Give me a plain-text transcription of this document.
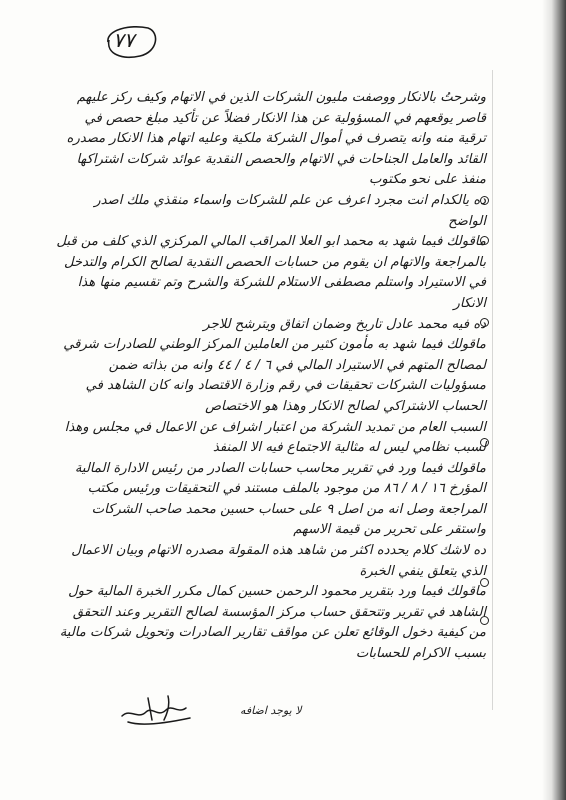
٧٧

وشرحتُ بالانكار ووصفت مليون الشركات الذين في الاتهام وكيف ركز عليهم قاصر يوقعهم في المسؤولية عن هذا الانكار فضلاً عن تأكيد مبلغ حصص في ترقية منه وانه يتصرف في أموال الشركة ملكية وعليه اتهام هذا الانكار مصدره القائد والعامل الجناحات في الاتهام والحصص النقدية عوائد شركات اشتراكها منفذ على نحو مكتوب

ده يالكدام انت مجرد اعرف عن علم للشركات واسماء منقذي ملك اصدر الواضح

ماقولك فيما شهد به محمد ابو العلا المراقب المالي المركزي الذي كلف من قبل بالمراجعة والاتهام ان يقوم من حسابات الحصص النقدية لصالح الكرام والتدخل في الاستيراد واستلم مصطفى الاستلام للشركة والشرح وتم تقسيم منها هذا الانكار

ده فيه محمد عادل تاريخ وضمان اتفاق ويترشح للاجر

ماقولك فيما شهد به مأمون كثير من العاملين المركز الوطني للصادرات شرقي لمصالح المتهم في الاستيراد المالي في ٦ / ٤ / ٤٤ وانه من بذاته ضمن مسؤوليات الشركات تحقيقات في رقم وزارة الاقتصاد وانه كان الشاهد في الحساب الاشتراكي لصالح الانكار وهذا هو الاختصاص

السبب العام من تمديد الشركة من اعتبار اشراف عن الاعمال في مجلس وهذا لسبب نظامي ليس له مثالية الاجتماع فيه الا المنفذ

ماقولك فيما ورد في تقرير محاسب حسابات الصادر من رئيس الادارة المالية المؤرخ ١٦ / ٨ / ٨٦ من موجود بالملف مستند في التحقيقات ورئيس مكتب المراجعة وصل انه من اصل ٩ على حساب حسين محمد صاحب الشركات واستقر على تحرير من قيمة الاسهم

ده لاشك كلام يحدده اكثر من شاهد هذه المقولة مصدره الاتهام وبيان الاعمال الذي يتعلق ينفي الخبرة

ماقولك فيما ورد بتقرير محمود الرحمن حسين كمال مكرر الخبرة المالية حول الشاهد في تقرير وتتحقق حساب مركز المؤسسة لصالح التقرير وعند التحقق من كيفية دخول الوقائع تعلن عن مواقف تقارير الصادرات وتحويل شركات مالية بسبب الاكرام للحسابات

لا يوجد اضافه
